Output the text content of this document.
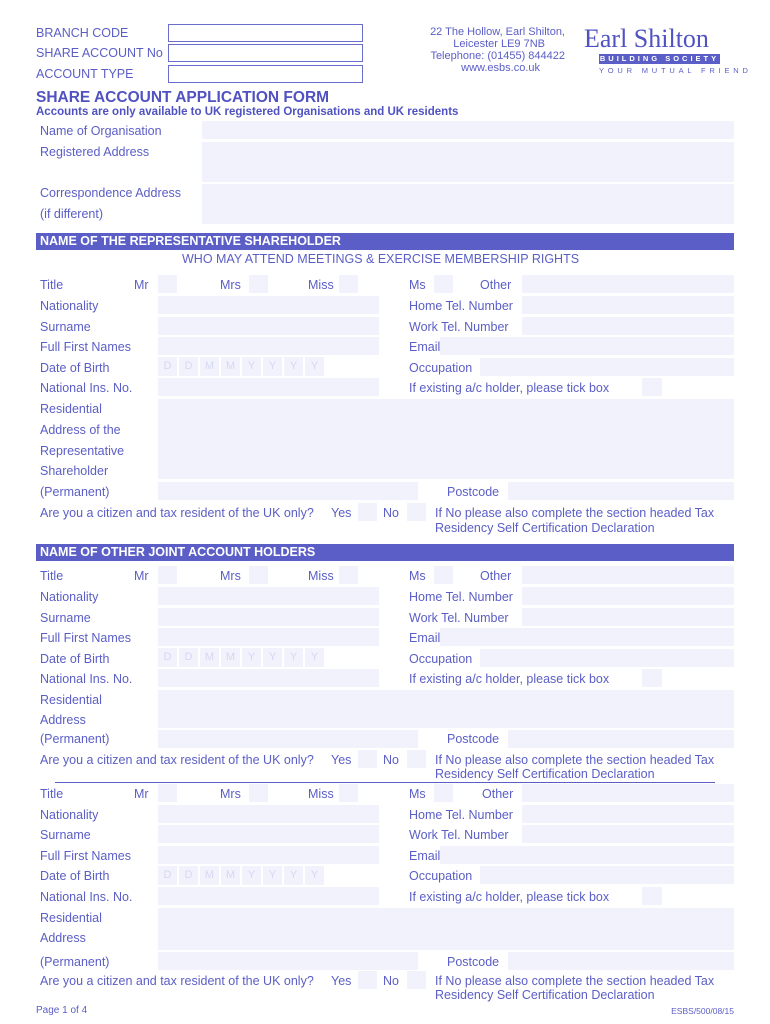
BRANCH CODE
SHARE ACCOUNT No
ACCOUNT TYPE
22 The Hollow, Earl Shilton,
Leicester LE9 7NB
Telephone: (01455) 844422
www.esbs.co.uk
Earl Shilton
BUILDING SOCIETY
YOUR MUTUAL FRIEND
SHARE ACCOUNT APPLICATION FORM
Accounts are only available to UK registered Organisations and UK residents
Name of Organisation
Registered Address
Correspondence Address
(if different)
NAME OF THE REPRESENTATIVE SHAREHOLDER
WHO MAY ATTEND MEETINGS & EXERCISE MEMBERSHIP RIGHTS
Title	Mr	Mrs	Miss	Ms	Other
Nationality	Home Tel. Number
Surname	Work Tel. Number
Full First Names	Email
Date of Birth	D	D	M	M	Y	Y	Y	Y	Occupation
National Ins. No.	If existing a/c holder, please tick box
Residential
Address of the
Representative
Shareholder
(Permanent)	Postcode
Are you a citizen and tax resident of the UK only? Yes	No	If No please also complete the section headed Tax
Residency Self Certification Declaration
NAME OF OTHER JOINT ACCOUNT HOLDERS
Title	Mr	Mrs	Miss	Ms	Other
Nationality	Home Tel. Number
Surname	Work Tel. Number
Full First Names	Email
Date of Birth	D	D	M	M	Y	Y	Y	Y	Occupation
National Ins. No.	If existing a/c holder, please tick box
Residential
Address
(Permanent)	Postcode
Are you a citizen and tax resident of the UK only? Yes	No	If No please also complete the section headed Tax
Residency Self Certification Declaration
Title	Mr	Mrs	Miss	Ms	Other
Nationality	Home Tel. Number
Surname	Work Tel. Number
Full First Names	Email
Date of Birth	D	D	M	M	Y	Y	Y	Y	Occupation
National Ins. No.	If existing a/c holder, please tick box
Residential
Address
(Permanent)	Postcode
Are you a citizen and tax resident of the UK only? Yes	No	If No please also complete the section headed Tax
Residency Self Certification Declaration
Page 1 of 4	ESBS/500/08/15
